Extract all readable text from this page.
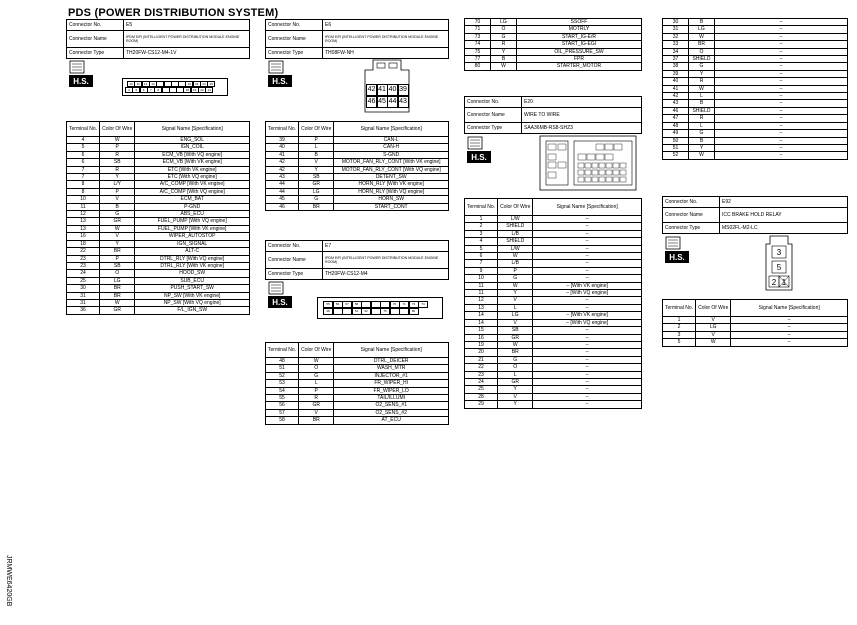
PDS (POWER DISTRIBUTION SYSTEM)
JRMWE6420GB
Connector No.	E5
Connector Name	IPDM E/R (INTELLIGENT POWER DISTRIBUTION MODULE ENGINE ROOM)
Connector Type	TH20FW-CS12-M4-1V
H.S.	10	11	12	13	22	23	24	25
4	5	6	7	8	18	19	20	21
Terminal No.	Color Of Wire	Signal Name [Specification]
4	W	ENG_SOL
5	P	IGN_COIL
6	R	ECM_VB [With VQ engine]
6	SB	ECM_VB [With VK engine]
7	R	ETC [With VK engine]
7	Y	ETC [With VQ engine]
8	L/Y	A/C_COMP [With VK engine]
8	P	A/C_COMP [With VQ engine]
10	V	ECM_BAT
11	B	P-GND
12	G	ABS_ECU
13	GR	FUEL_PUMP [With VQ engine]
13	W	FUEL_PUMP [With VK engine]
16	V	WIPER_AUTOSTOP
18	Y	IGN_SIGNAL
22	BR	ALT-C
23	P	DTRL_RLY [With VQ engine]
23	SB	DTRL_RLY [With VK engine]
24	O	HOOD_SW
25	LG	SUB_ECU
30	BR	PUSH_START_SW
31	BR	NP_SW [With VK engine]
31	W	NP_SW [With VQ engine]
36	GR	F/L_IGN_SW
Connector No.	E6
Connector Name	IPDM E/R (INTELLIGENT POWER DISTRIBUTION MODULE ENGINE ROOM)
Connector Type	TH08FW-NH
H.S.
42 41 40 39
46 45 44 43
Terminal No.	Color Of Wire	Signal Name [Specification]
39	P	CAN-L
40	L	CAN-H
41	B	S-GND
42	V	MOTOR_FAN_RLY_CONT [With VK engine]
42	Y	MOTOR_FAN_RLY_CONT [With VQ engine]
43	SB	DETENT_SW
44	GR	HORN_RLY [With VK engine]
44	LG	HORN_RLY [With VQ engine]
45	G	HORN_SW
46	BR	START_CONT
Connector No.	E7
Connector Name	IPDM E/R (INTELLIGENT POWER DISTRIBUTION MODULE ENGINE ROOM)
Connector Type	TH20FW-CS12-M4
H.S.	55	56	57	58	70	71	73	74
48	51	52	75	80
Terminal No.	Color Of Wire	Signal Name [Specification]
48	W	DTRL_DEICER
51	O	WASH_MTR
52	G	INJECTOR_#1
53	L	FR_WIPER_HI
54	P	FR_WIPER_LO
55	R	TAIL/ILLUMI
56	GR	O2_SENS_#1
57	V	O2_SENS_#2
58	BR	AT_ECU
70	LG	SSOFF
71	O	MOTRLY
73	G	START_IG-E/R
74	R	START_IG-EGI
75	Y	OIL_PRESSURE_SW
77	B	FPR
80	W	STARTER_MOTOR
Connector No.	E20
Connector Name	WIRE TO WIRE
Connector Type	SAA36MB-RS8-SHZ3
H.S.
Terminal No.	Color Of Wire	Signal Name [Specification]
1	L/W	–
2	SHIELD	–
3	L/B	–
4	SHIELD	–
5	L/W	–
6	W	–
7	L/B	–
9	P	–
10	G	–
11	W	– [With VK engine]
11	Y	– [With VQ engine]
12	V	–
13	L	–
14	LG	– [With VK engine]
14	V	– [With VQ engine]
15	SB	–
16	GR	–
19	W	–
20	BR	–
21	G	–
22	O	–
23	L	–
24	GR	–
25	Y	–
28	V	–
29	Y	–
30	B	–
31	LG	–
32	W	–
33	BR	–
34	O	–
37	SHIELD	–
38	G	–
39	Y	–
40	R	–
41	W	–
42	L	–
43	B	–
46	SHIELD	–
47	R	–
48	L	–
49	G	–
50	B	–
51	Y	–
52	W	–
Connector No.	E92
Connector Name	ICC BRAKE HOLD RELAY
Connector Type	MS02FL-M2-LC
H.S.
3
5
2 1
Terminal No.	Color Of Wire	Signal Name [Specification]
1	V	–
2	LG	–
3	V	–
5	W	–
